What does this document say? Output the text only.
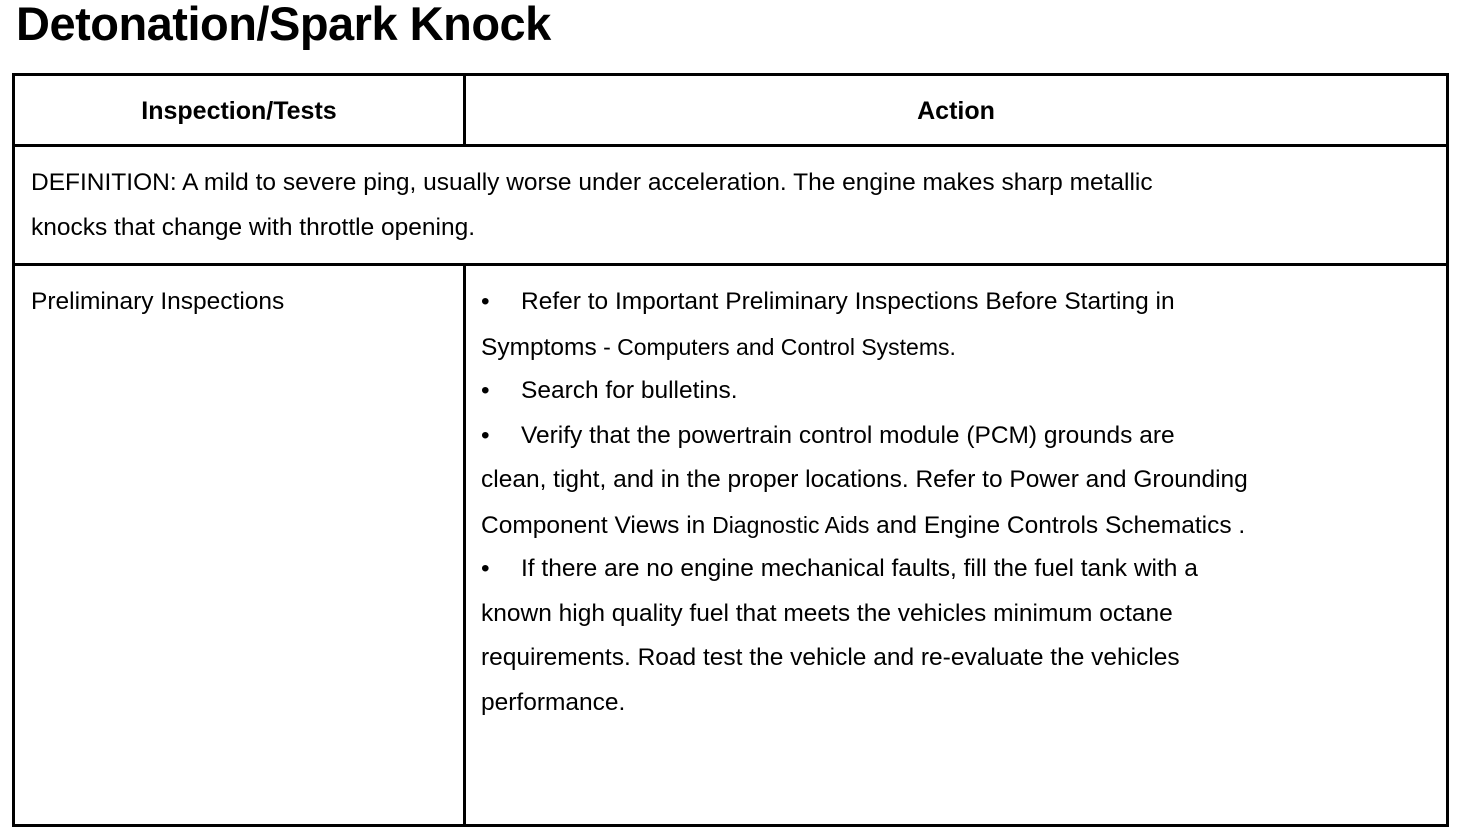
Detonation/Spark Knock
Inspection/Tests	Action
DEFINITION: A mild to severe ping, usually worse under acceleration. The engine makes sharp metallic
knocks that change with throttle opening.
Preliminary Inspections	• Refer to Important Preliminary Inspections Before Starting in
Symptoms - Computers and Control Systems.
• Search for bulletins.
• Verify that the powertrain control module (PCM) grounds are
clean, tight, and in the proper locations. Refer to Power and Grounding
Component Views in Diagnostic Aids and Engine Controls Schematics .
• If there are no engine mechanical faults, fill the fuel tank with a
known high quality fuel that meets the vehicles minimum octane
requirements. Road test the vehicle and re-evaluate the vehicles
performance.
